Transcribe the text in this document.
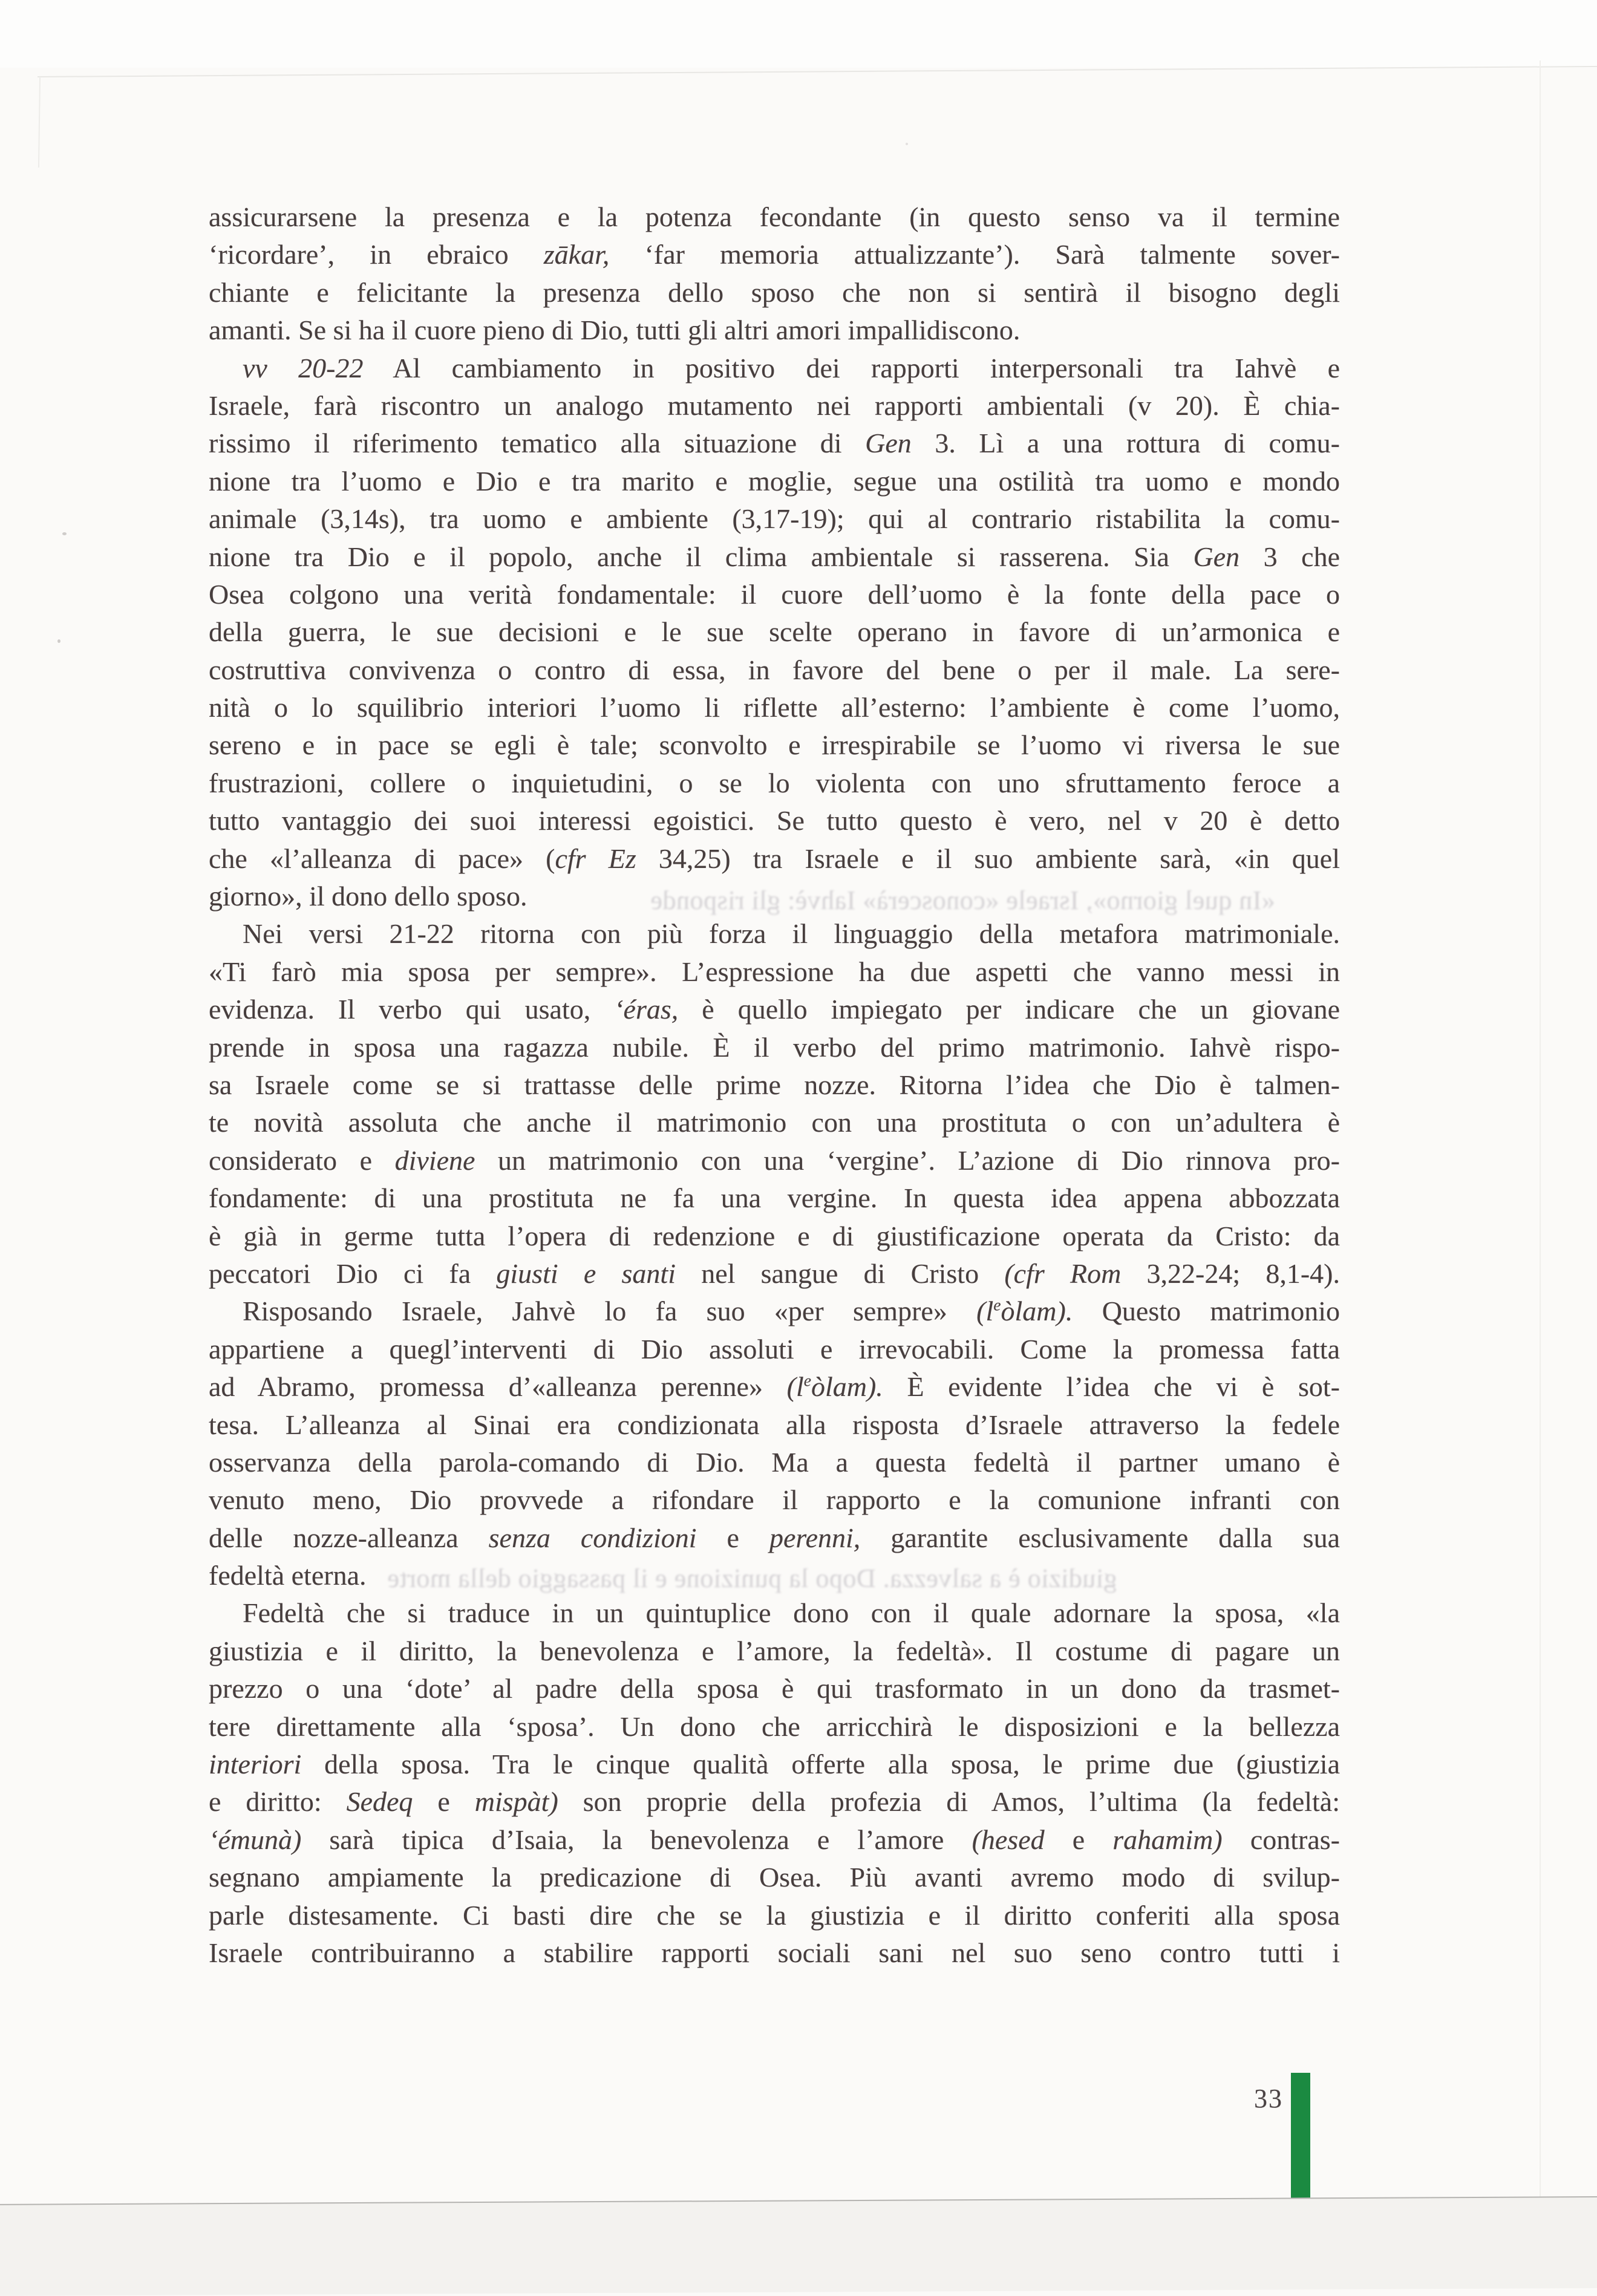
«In quel giorno», Israele «conoscerà» Iahvè: gli risponde
giudizio è a salvezza. Dopo la punizione e il passaggio della morte
assicurarsene la presenza e la potenza fecondante (in questo senso va il termine
‘ricordare’, in ebraico zākar, ‘far memoria attualizzante’). Sarà talmente sover-
chiante e felicitante la presenza dello sposo che non si sentirà il bisogno degli
amanti. Se si ha il cuore pieno di Dio, tutti gli altri amori impallidiscono.
vv 20-22 Al cambiamento in positivo dei rapporti interpersonali tra Iahvè e
Israele, farà riscontro un analogo mutamento nei rapporti ambientali (v 20). È chia-
rissimo il riferimento tematico alla situazione di Gen 3. Lì a una rottura di comu-
nione tra l’uomo e Dio e tra marito e moglie, segue una ostilità tra uomo e mondo
animale (3,14s), tra uomo e ambiente (3,17-19); qui al contrario ristabilita la comu-
nione tra Dio e il popolo, anche il clima ambientale si rasserena. Sia Gen 3 che
Osea colgono una verità fondamentale: il cuore dell’uomo è la fonte della pace o
della guerra, le sue decisioni e le sue scelte operano in favore di un’armonica e
costruttiva convivenza o contro di essa, in favore del bene o per il male. La sere-
nità o lo squilibrio interiori l’uomo li riflette all’esterno: l’ambiente è come l’uomo,
sereno e in pace se egli è tale; sconvolto e irrespirabile se l’uomo vi riversa le sue
frustrazioni, collere o inquietudini, o se lo violenta con uno sfruttamento feroce a
tutto vantaggio dei suoi interessi egoistici. Se tutto questo è vero, nel v 20 è detto
che «l’alleanza di pace» (cfr Ez 34,25) tra Israele e il suo ambiente sarà, «in quel
giorno», il dono dello sposo.
Nei versi 21-22 ritorna con più forza il linguaggio della metafora matrimoniale.
«Ti farò mia sposa per sempre». L’espressione ha due aspetti che vanno messi in
evidenza. Il verbo qui usato, ‘éras, è quello impiegato per indicare che un giovane
prende in sposa una ragazza nubile. È il verbo del primo matrimonio. Iahvè rispo-
sa Israele come se si trattasse delle prime nozze. Ritorna l’idea che Dio è talmen-
te novità assoluta che anche il matrimonio con una prostituta o con un’adultera è
considerato e diviene un matrimonio con una ‘vergine’. L’azione di Dio rinnova pro-
fondamente: di una prostituta ne fa una vergine. In questa idea appena abbozzata
è già in germe tutta l’opera di redenzione e di giustificazione operata da Cristo: da
peccatori Dio ci fa giusti e santi nel sangue di Cristo (cfr Rom 3,22-24; 8,1-4).
Risposando Israele, Jahvè lo fa suo «per sempre» $(l^eòlam)$. Questo matrimonio
appartiene a quegl’interventi di Dio assoluti e irrevocabili. Come la promessa fatta
ad Abramo, promessa d’«alleanza perenne» $(l^eòlam)$. È evidente l’idea che vi è sot-
tesa. L’alleanza al Sinai era condizionata alla risposta d’Israele attraverso la fedele
osservanza della parola-comando di Dio. Ma a questa fedeltà il partner umano è
venuto meno, Dio provvede a rifondare il rapporto e la comunione infranti con
delle nozze-alleanza senza condizioni e perenni, garantite esclusivamente dalla sua
fedeltà eterna.
Fedeltà che si traduce in un quintuplice dono con il quale adornare la sposa, «la
giustizia e il diritto, la benevolenza e l’amore, la fedeltà». Il costume di pagare un
prezzo o una ‘dote’ al padre della sposa è qui trasformato in un dono da trasmet-
tere direttamente alla ‘sposa’. Un dono che arricchirà le disposizioni e la bellezza
interiori della sposa. Tra le cinque qualità offerte alla sposa, le prime due (giustizia
e diritto: Sedeq e mispàt) son proprie della profezia di Amos, l’ultima (la fedeltà:
‘émunà) sarà tipica d’Isaia, la benevolenza e l’amore (hesed e rahamim) contras-
segnano ampiamente la predicazione di Osea. Più avanti avremo modo di svilup-
parle distesamente. Ci basti dire che se la giustizia e il diritto conferiti alla sposa
Israele contribuiranno a stabilire rapporti sociali sani nel suo seno contro tutti i
33
